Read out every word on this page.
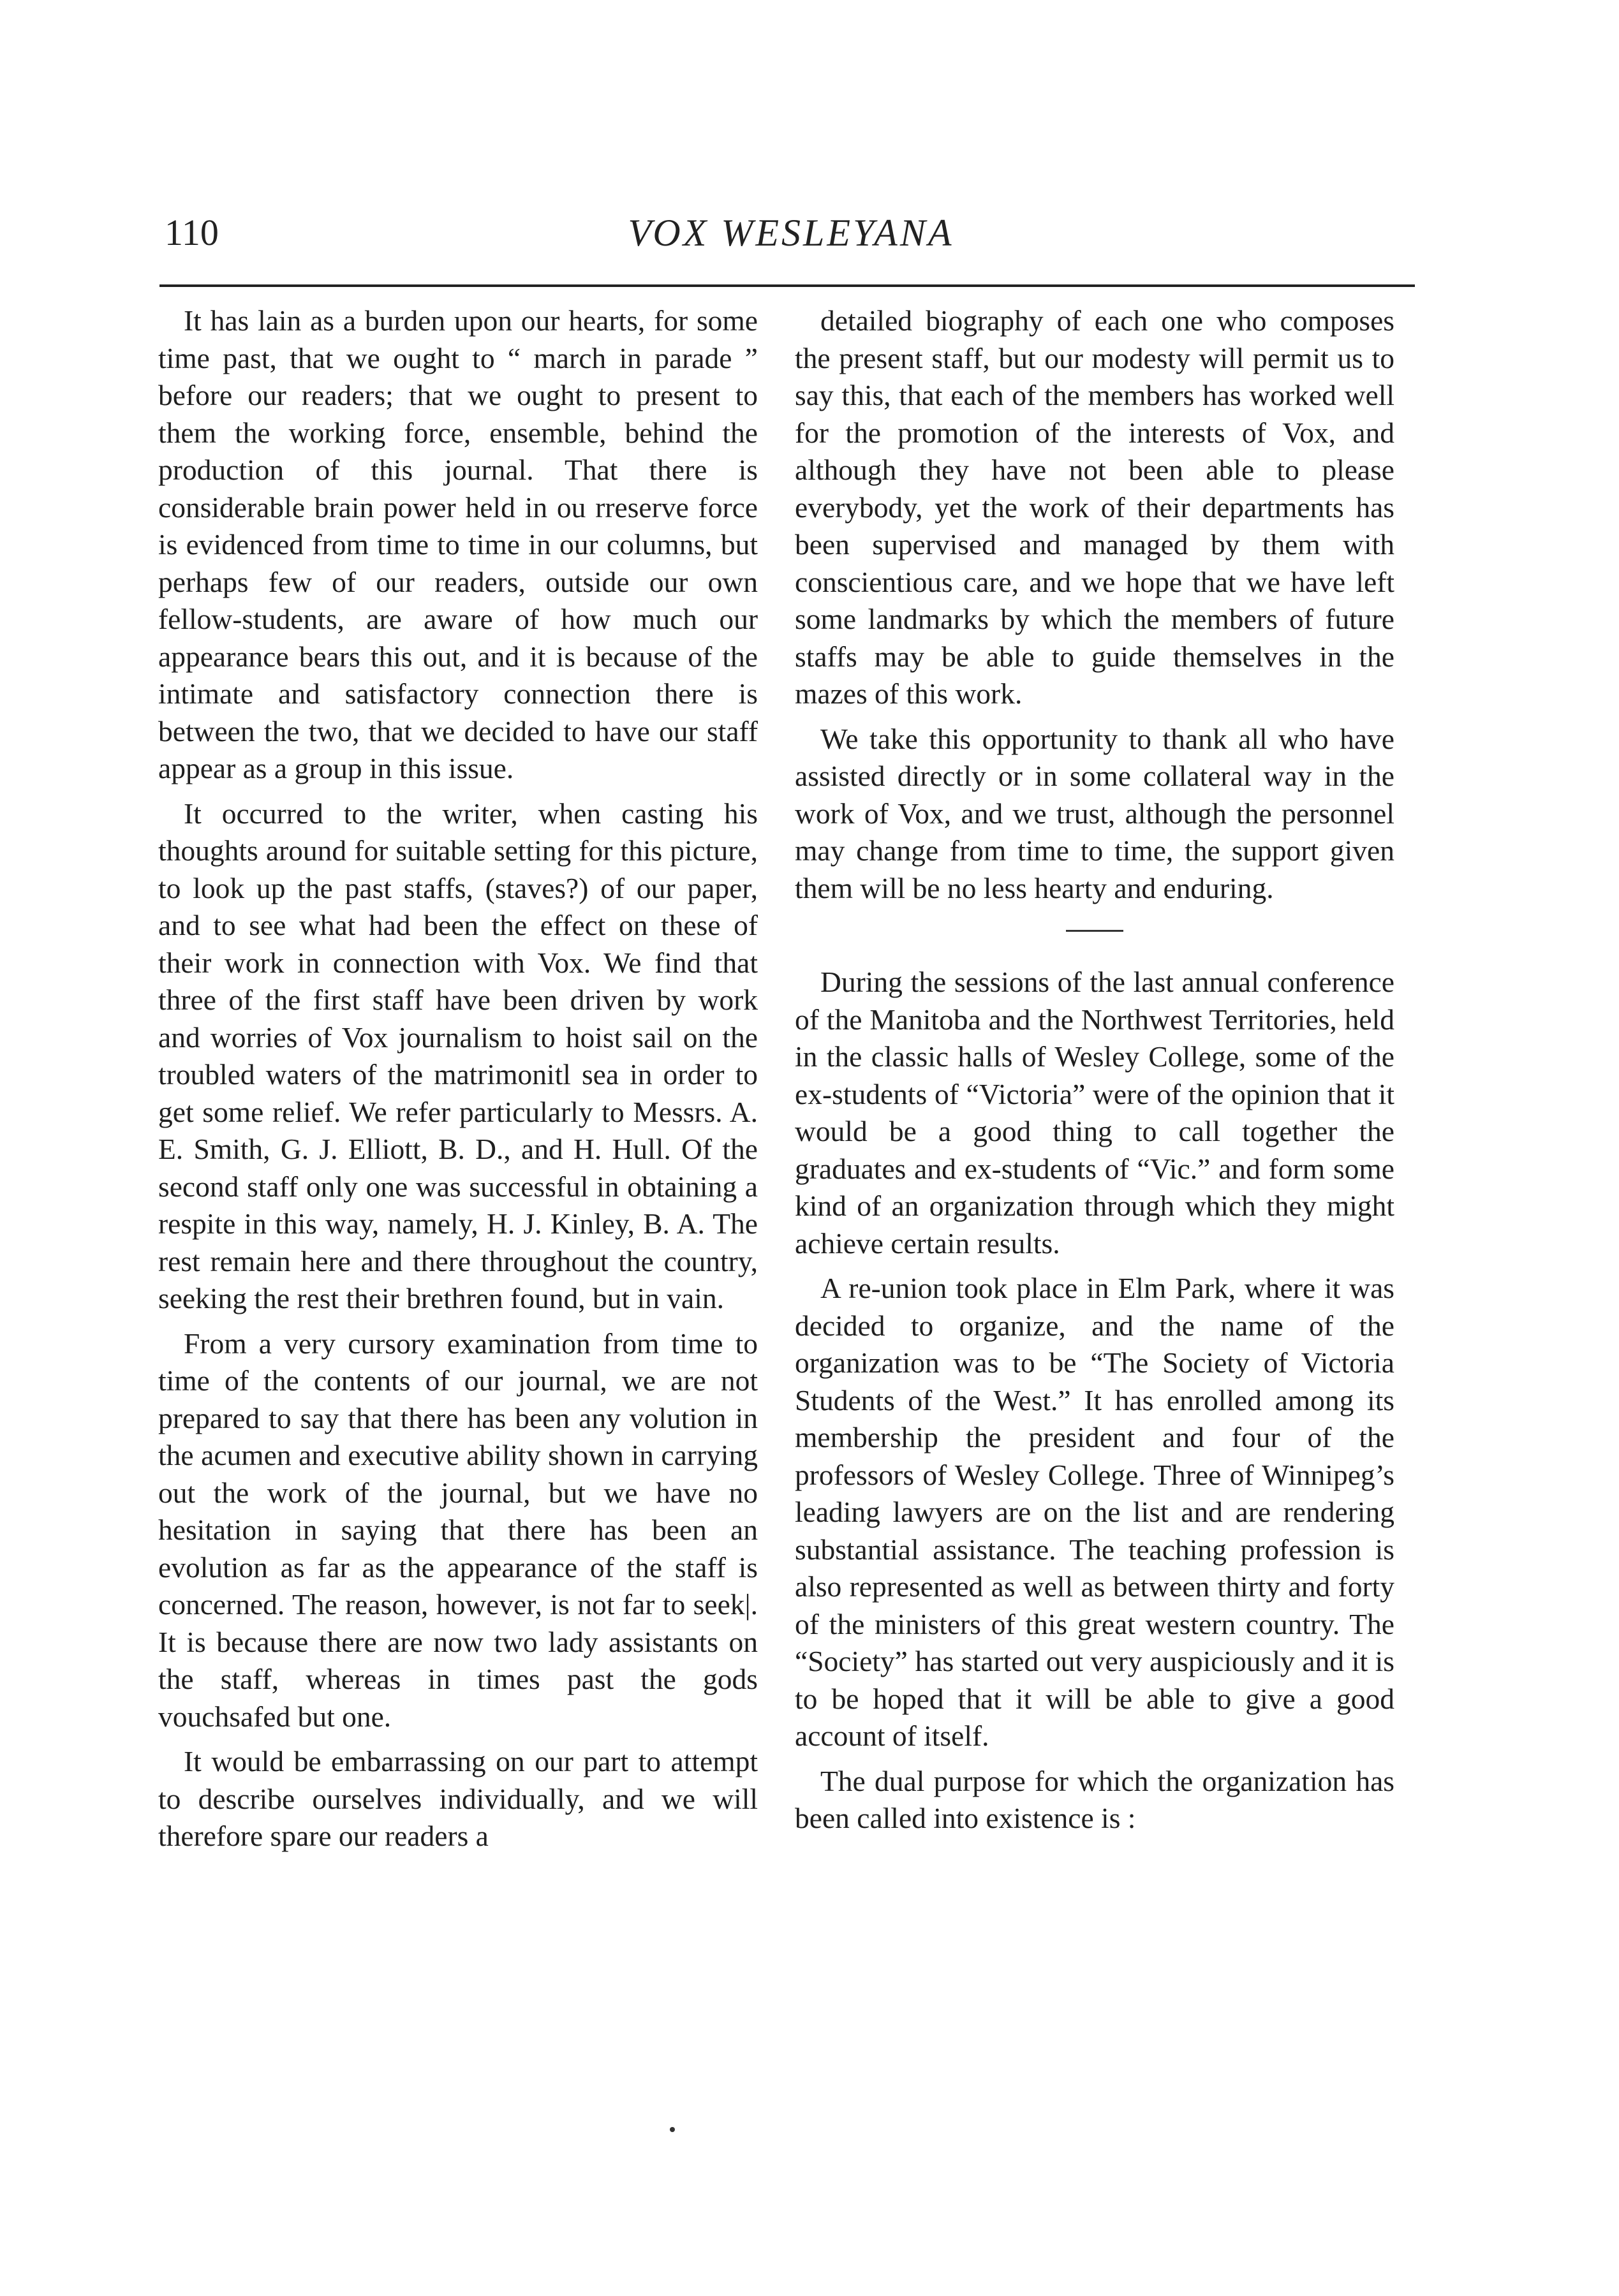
110	VOX WESLEYANA

It has lain as a burden upon our hearts, for some time past, that we ought to “ march in parade ” before our readers; that we ought to present to them the working force, ensemble, behind the production of this journal. That there is considerable brain power held in ou rreserve force is evidenced from time to time in our columns, but perhaps few of our readers, outside our own fellow-students, are aware of how much our appearance bears this out, and it is because of the intimate and satisfactory connection there is between the two, that we decided to have our staff appear as a group in this issue.

It occurred to the writer, when casting his thoughts around for suitable setting for this picture, to look up the past staffs, (staves?) of our paper, and to see what had been the effect on these of their work in connection with Vox. We find that three of the first staff have been driven by work and worries of Vox journalism to hoist sail on the troubled waters of the matrimonitl sea in order to get some relief. We refer particularly to Messrs. A. E. Smith, G. J. Elliott, B. D., and H. Hull. Of the second staff only one was successful in obtaining a respite in this way, namely, H. J. Kinley, B. A. The rest remain here and there throughout the country, seeking the rest their brethren found, but in vain.

From a very cursory examination from time to time of the contents of our journal, we are not prepared to say that there has been any volution in the acumen and executive ability shown in carrying out the work of the journal, but we have no hesitation in saying that there has been an evolution as far as the appearance of the staff is concerned. The reason, however, is not far to seek|. It is because there are now two lady assistants on the staff, whereas in times past the gods vouchsafed but one.

It would be embarrassing on our part to attempt to describe ourselves individually, and we will therefore spare our readers a

detailed biography of each one who composes the present staff, but our modesty will permit us to say this, that each of the members has worked well for the promotion of the interests of Vox, and although they have not been able to please everybody, yet the work of their departments has been supervised and managed by them with conscientious care, and we hope that we have left some landmarks by which the members of future staffs may be able to guide themselves in the mazes of this work.

We take this opportunity to thank all who have assisted directly or in some collateral way in the work of Vox, and we trust, although the personnel may change from time to time, the support given them will be no less hearty and enduring.

During the sessions of the last annual conference of the Manitoba and the Northwest Territories, held in the classic halls of Wesley College, some of the ex-students of “Victoria” were of the opinion that it would be a good thing to call together the graduates and ex-students of “Vic.” and form some kind of an organization through which they might achieve certain results.

A re-union took place in Elm Park, where it was decided to organize, and the name of the organization was to be “The Society of Victoria Students of the West.” It has enrolled among its membership the president and four of the professors of Wesley College. Three of Winnipeg’s leading lawyers are on the list and are rendering substantial assistance. The teaching profession is also represented as well as between thirty and forty of the ministers of this great western country. The “Society” has started out very auspiciously and it is to be hoped that it will be able to give a good account of itself.

The dual purpose for which the organization has been called into existence is :
